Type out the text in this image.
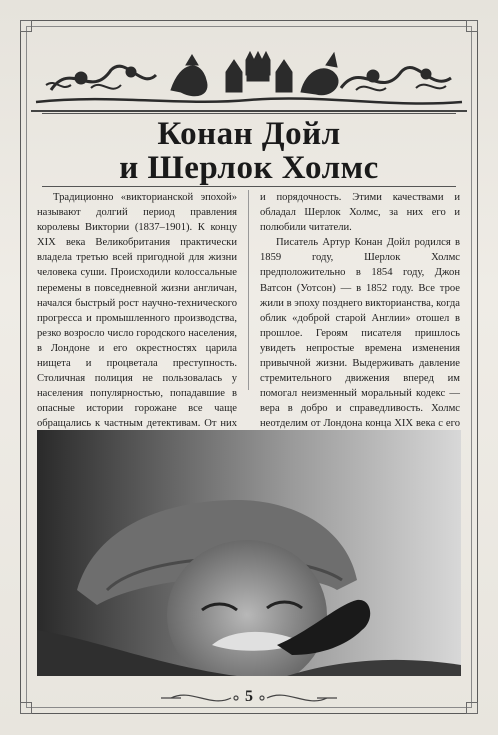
Конан Дойл
и Шерлок Холмс

Традиционно «викторианской эпохой» называют долгий период правления королевы Виктории (1837–1901). К концу XIX века Великобритания практически владела третью всей пригодной для жизни человека суши. Происходили колоссальные перемены в повседневной жизни англичан, начался быстрый рост научно-технического прогресса и промышленного производства, резко возросло число городского населения, в Лондоне и его окрестностях царила нищета и процветала преступность. Столичная полиция не пользовалась у населения популярностью, попадавшие в опасные истории горожане все чаще обращались к частным детективам. От них

и порядочность. Этими качествами и обладал Шерлок Холмс, за них его и полюбили читатели.

Писатель Артур Конан Дойл родился в 1859 году, Шерлок Холмс предположительно в 1854 году, Джон Ватсон (Уотсон) — в 1852 году. Все трое жили в эпоху позднего викторианства, когда облик «доброй старой Англии» отошел в прошлое. Героям писателя пришлось увидеть непростые времена изменения привычной жизни. Выдерживать давление стремительного движения вперед им помогал неизменный моральный кодекс — вера в добро и справедливость. Холмс неотделим от Лондона конца XIX века с его

5
